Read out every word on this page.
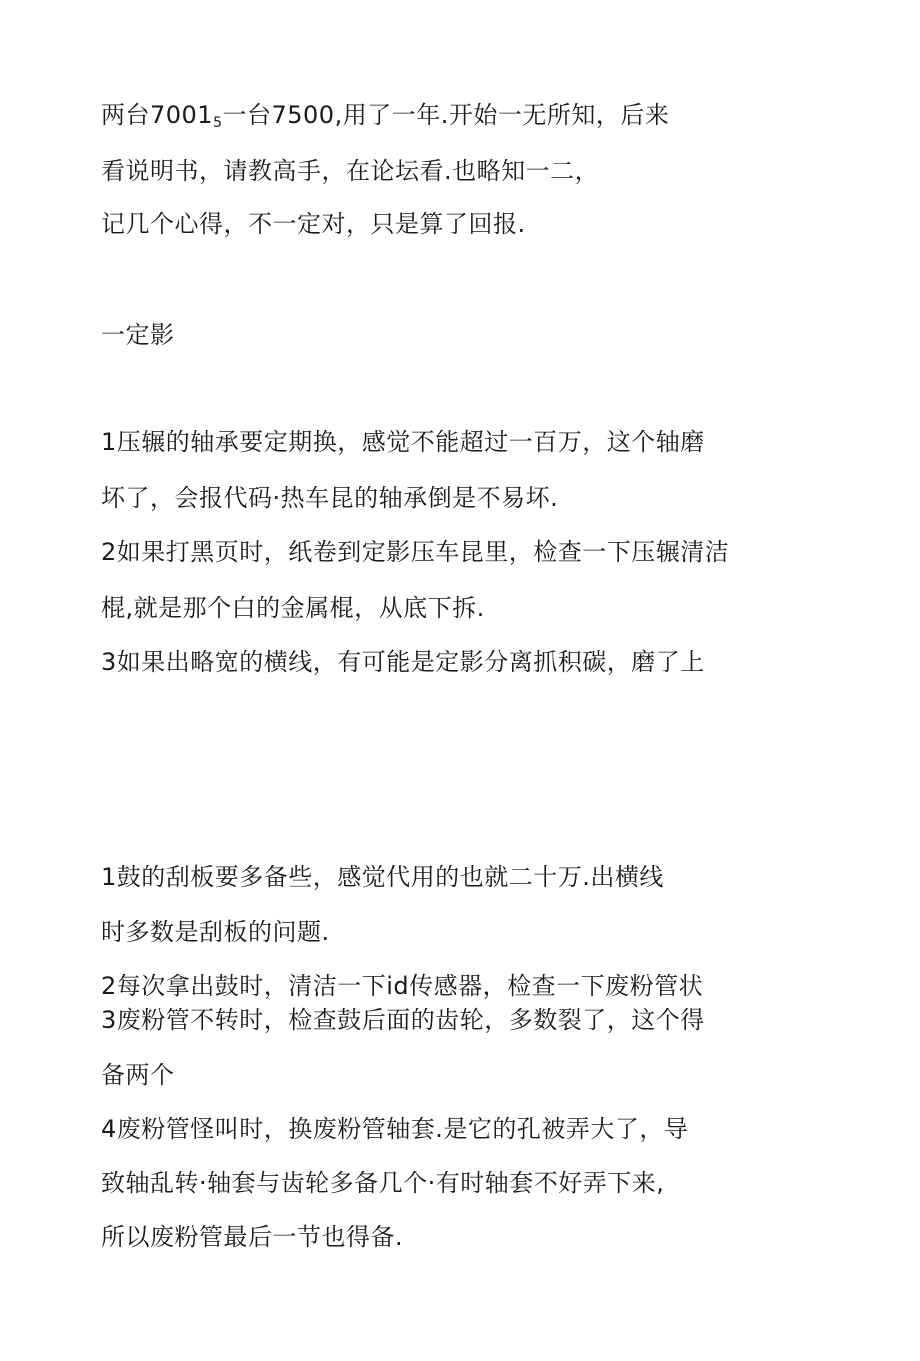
两台$7001_5$一台7500,用了一年.开始一无所知，后来
看说明书，请教高手，在论坛看.也略知一二，
记几个心得，不一定对，只是算了回报.
一定影
1压辗的轴承要定期换，感觉不能超过一百万，这个轴磨
坏了，会报代码·热车昆的轴承倒是不易坏.
2如果打黑页时，纸卷到定影压车昆里，检查一下压辗清洁
棍,就是那个白的金属棍，从底下拆.
3如果出略宽的横线，有可能是定影分离抓积碳，磨了上
1鼓的刮板要多备些，感觉代用的也就二十万.出横线
时多数是刮板的问题.
2每次拿出鼓时，清洁一下id传感器，检查一下废粉管状
3废粉管不转时，检查鼓后面的齿轮，多数裂了，这个得
备两个
4废粉管怪叫时，换废粉管轴套.是它的孔被弄大了，导
致轴乱转·轴套与齿轮多备几个·有时轴套不好弄下来,
所以废粉管最后一节也得备.
